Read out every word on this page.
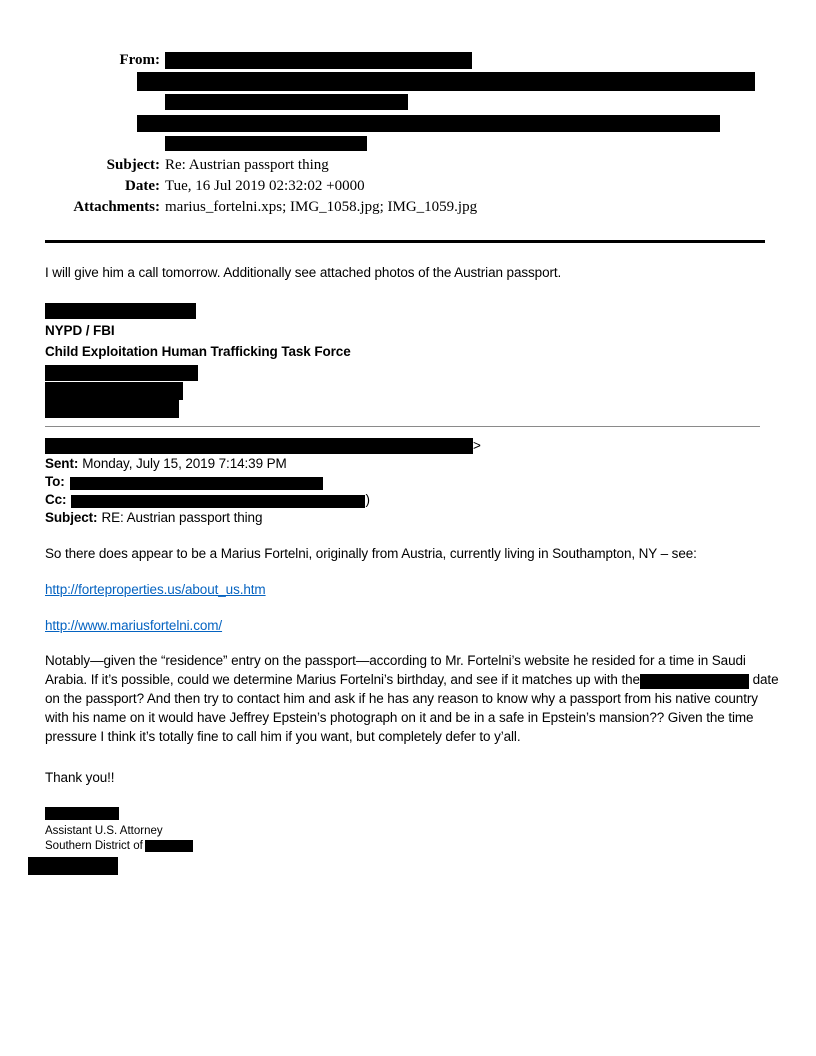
From:
Subject: Re: Austrian passport thing
Date: Tue, 16 Jul 2019 02:32:02 +0000
Attachments: marius_fortelni.xps; IMG_1058.jpg; IMG_1059.jpg

I will give him a call tomorrow. Additionally see attached photos of the Austrian passport.

NYPD / FBI
Child Exploitation Human Trafficking Task Force
>
Sent: Monday, July 15, 2019 7:14:39 PM
To:
Cc:	)
Subject: RE: Austrian passport thing

So there does appear to be a Marius Fortelni, originally from Austria, currently living in Southampton, NY – see:

http://forteproperties.us/about_us.htm
http://www.mariusfortelni.com/

Notably—given the “residence” entry on the passport—according to Mr. Fortelni’s website he resided for a time in Saudi Arabia. If it’s possible, could we determine Marius Fortelni’s birthday, and see if it matches up with the	date on the passport? And then try to contact him and ask if he has any reason to know why a passport from his native country with his name on it would have Jeffrey Epstein’s photograph on it and be in a safe in Epstein’s mansion?? Given the time pressure I think it’s totally fine to call him if you want, but completely defer to y’all.

Thank you!!

Assistant U.S. Attorney
Southern District of
